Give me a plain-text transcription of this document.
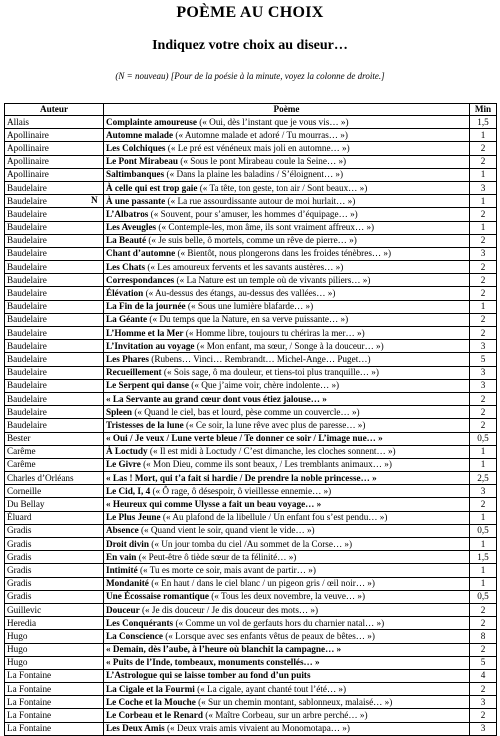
POÈME AU CHOIX
Indiquez votre choix au diseur…
(N = nouveau) [Pour de la poésie à la minute, voyez la colonne de droite.]
Auteur	Poème	Min
Allais	Complainte amoureuse (« Oui, dès l’instant que je vous vis… »)	1,5
Apollinaire	Automne malade (« Automne malade et adoré / Tu mourras… »)	1
Apollinaire	Les Colchiques (« Le pré est vénéneux mais joli en automne… »)	2
Apollinaire	Le Pont Mirabeau (« Sous le pont Mirabeau coule la Seine… »)	2
Apollinaire	Saltimbanques (« Dans la plaine les baladins / S’éloignent… »)	1
Baudelaire	À celle qui est trop gaie (« Ta tête, ton geste, ton air / Sont beaux… »)	3
Baudelaire N	À une passante (« La rue assourdissante autour de moi hurlait… »)	1
Baudelaire	L’Albatros (« Souvent, pour s’amuser, les hommes d’équipage… »)	2
Baudelaire	Les Aveugles (« Contemple-les, mon âme, ils sont vraiment affreux… »)	1
Baudelaire	La Beauté (« Je suis belle, ô mortels, comme un rêve de pierre… »)	2
Baudelaire	Chant d’automne (« Bientôt, nous plongerons dans les froides ténèbres… »)	3
Baudelaire	Les Chats (« Les amoureux fervents et les savants austères… »)	2
Baudelaire	Correspondances (« La Nature est un temple où de vivants piliers… »)	2
Baudelaire	Élévation (« Au-dessus des étangs, au-dessus des vallées… »)	2
Baudelaire	La Fin de la journée (« Sous une lumière blafarde… »)	1
Baudelaire	La Géante (« Du temps que la Nature, en sa verve puissante… »)	2
Baudelaire	L’Homme et la Mer (« Homme libre, toujours tu chériras la mer… »)	2
Baudelaire	L’Invitation au voyage (« Mon enfant, ma sœur, / Songe à la douceur… »)	3
Baudelaire	Les Phares (Rubens… Vinci… Rembrandt… Michel-Ange… Puget…)	5
Baudelaire	Recueillement (« Sois sage, ô ma douleur, et tiens-toi plus tranquille… »)	3
Baudelaire	Le Serpent qui danse (« Que j’aime voir, chère indolente… »)	3
Baudelaire	« La Servante au grand cœur dont vous étiez jalouse… »	2
Baudelaire	Spleen (« Quand le ciel, bas et lourd, pèse comme un couvercle… »)	2
Baudelaire	Tristesses de la lune (« Ce soir, la lune rêve avec plus de paresse… »)	2
Bester	« Oui / Je veux / Lune verte bleue / Te donner ce soir / L’image nue… »	0,5
Carême	À Loctudy (« Il est midi à Loctudy / C’est dimanche, les cloches sonnent… »)	1
Carême	Le Givre (« Mon Dieu, comme ils sont beaux, / Les tremblants animaux… »)	1
Charles d’Orléans	« Las ! Mort, qui t’a fait si hardie / De prendre la noble princesse… »	2,5
Corneille	Le Cid, I, 4 (« Ô rage, ô désespoir, ô vieillesse ennemie… »)	3
Du Bellay	« Heureux qui comme Ulysse a fait un beau voyage… »	2
Éluard	Le Plus Jeune (« Au plafond de la libellule / Un enfant fou s’est pendu… »)	1
Gradis	Absence (« Quand vient le soir, quand vient le vide… »)	0,5
Gradis	Droit divin (« Un jour tomba du ciel /Au sommet de la Corse… »)	1
Gradis	En vain (« Peut-être ô tiède sœur de ta félinité… »)	1,5
Gradis	Intimité (« Tu es morte ce soir, mais avant de partir… »)	1
Gradis	Mondanité (« En haut / dans le ciel blanc / un pigeon gris / œil noir… »)	1
Gradis	Une Écossaise romantique (« Tous les deux novembre, la veuve… »)	0,5
Guillevic	Douceur (« Je dis douceur / Je dis douceur des mots… »)	2
Heredia	Les Conquérants (« Comme un vol de gerfauts hors du charnier natal… »)	2
Hugo	La Conscience (« Lorsque avec ses enfants vêtus de peaux de bêtes… »)	8
Hugo	« Demain, dès l’aube, à l’heure où blanchit la campagne… »	2
Hugo	« Puits de l’Inde, tombeaux, monuments constellés… »	5
La Fontaine	L’Astrologue qui se laisse tomber au fond d’un puits	4
La Fontaine	La Cigale et la Fourmi (« La cigale, ayant chanté tout l’été… »)	2
La Fontaine	Le Coche et la Mouche (« Sur un chemin montant, sablonneux, malaisé… »)	3
La Fontaine	Le Corbeau et le Renard (« Maître Corbeau, sur un arbre perché… »)	2
La Fontaine	Les Deux Amis (« Deux vrais amis vivaient au Monomotapa… »)	3
